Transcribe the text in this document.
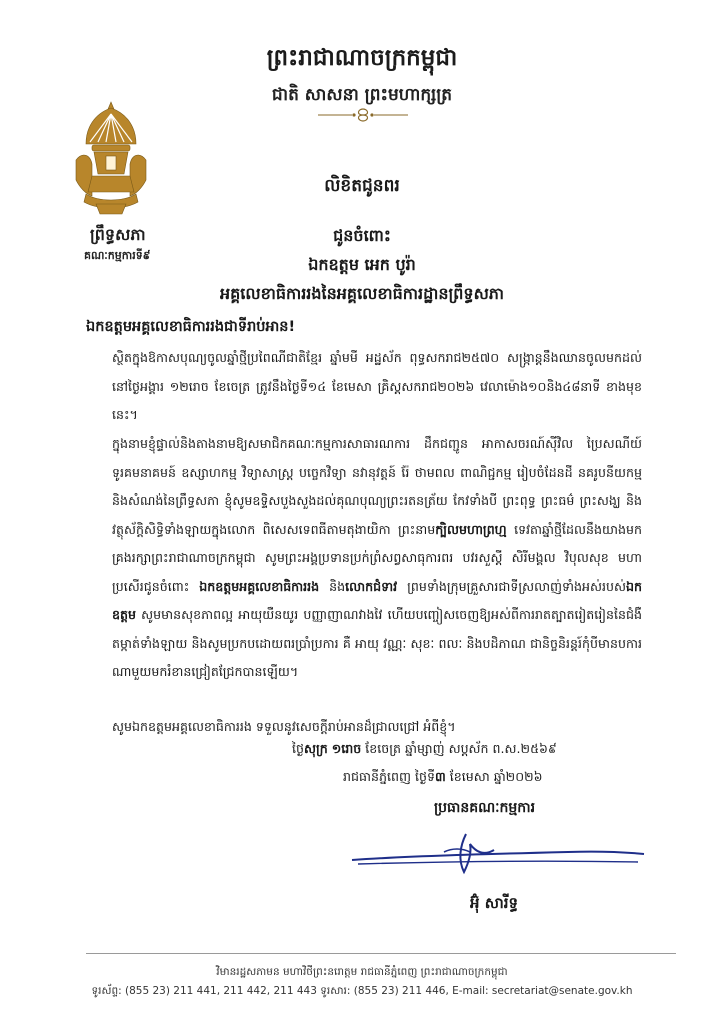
ព្រះរាជាណាចក្រកម្ពុជា
ជាតិ សាសនា ព្រះមហាក្សត្រ
ព្រឹទ្ធសភា
គណៈកម្មការទី៩
លិខិតជូនពរ
ជូនចំពោះ
ឯកឧត្តម អេក បូរ៉ា
អគ្គលេខាធិការរងនៃអគ្គលេខាធិការដ្ឋានព្រឹទ្ធសភា
ឯកឧត្តមអគ្គលេខាធិការរងជាទីរាប់អាន!
ស្ថិតក្នុងឱកាសបុណ្យចូលឆ្នាំថ្មីប្រពៃណីជាតិខ្មែរ ឆ្នាំមមី អដ្ឋស័ក ពុទ្ធសករាជ២៥៧០ សង្ក្រាន្តនឹងឈានចូលមកដល់នៅថ្ងៃអង្គារ ១២រោច ខែចេត្រ ត្រូវនឹងថ្ងៃទី១៤ ខែមេសា គ្រិស្តសករាជ២០២៦ វេលាម៉ោង១០និង៤៨នាទី ខាងមុខនេះ។
ក្នុងនាមខ្ញុំផ្ទាល់និងតាងនាមឱ្យសមាជិកគណៈកម្មការសាធារណការ ដឹកជញ្ជូន អាកាសចរណ៍ស៊ីវិល ប្រៃសណីយ៍ ទូរគមនាគមន៍ ឧស្សាហកម្ម វិទ្យាសាស្ត្រ បច្ចេកវិទ្យា នវានុវត្តន៍ រ៉ែ ថាមពល ពាណិជ្ជកម្ម រៀបចំដែនដី នគរូបនីយកម្ម និងសំណង់នៃព្រឹទ្ធសភា ខ្ញុំសូមឧទ្ទិសបួងសួងដល់គុណបុណ្យព្រះរតនត្រ័យ កែវទាំងបី ព្រះពុទ្ធ ព្រះធម៌ ព្រះសង្ឃ និងវត្ថុស័ក្តិសិទ្ធិទាំងឡាយក្នុងលោក ពិសេសទេពធីតាមតុងាយិកា ព្រះនាមក្បិលមហាព្រហ្ម ទេវតាឆ្នាំថ្មីដែលនឹងយាងមកគ្រងរក្សាព្រះរាជាណាចក្រកម្ពុជា សូមព្រះអង្គប្រទានប្រក់ព្រំសព្វសាធុការពរ បវរសួស្តី សិរីមង្គល វិបុលសុខ មហាប្រសើរជូនចំពោះ ឯកឧត្តមអគ្គលេខាធិការរង និងលោកជំទាវ ព្រមទាំងក្រុមគ្រួសារជាទីស្រលាញ់ទាំងអស់របស់ឯកឧត្តម សូមមានសុខភាពល្អ អាយុយឺនយូរ បញ្ញាញាណវាងវៃ ហើយបញ្ចៀសចេញឱ្យអស់ពីការរាតត្បាតរៀតរៀននៃជំងឺតម្កាត់ទាំងឡាយ និងសូមប្រកបដោយពរប្រាំប្រការ គឺ អាយុ វណ្ណៈ សុខៈ ពលៈ និងបដិភាណ ជានិច្ចនិរន្តរ៍កុំបីមានបការណាមួយមករំខានជ្រៀតជ្រែកបានឡើយ។
សូមឯកឧត្តមអគ្គលេខាធិការរង ទទួលនូវសេចក្តីរាប់អានដ៏ជ្រាលជ្រៅ អំពីខ្ញុំ។
ថ្ងៃសុក្រ ១រោច ខែចេត្រ ឆ្នាំម្សាញ់ សប្តស័ក ព.ស.២៥៦៩
រាជធានីភ្នំពេញ ថ្ងៃទី៣ ខែមេសា ឆ្នាំ២០២៦
ប្រធានគណៈកម្មការ
អ៊ុំ សារីទ្ធ
វិមានរដ្ឋសភាមន មហាវិថីព្រះនរោត្តម រាជធានីភ្នំពេញ ព្រះរាជាណាចក្រកម្ពុជា
ទូរស័ព្ទ: (855 23) 211 441, 211 442, 211 443 ទូរសារ: (855 23) 211 446, E-mail: secretariat@senate.gov.kh
